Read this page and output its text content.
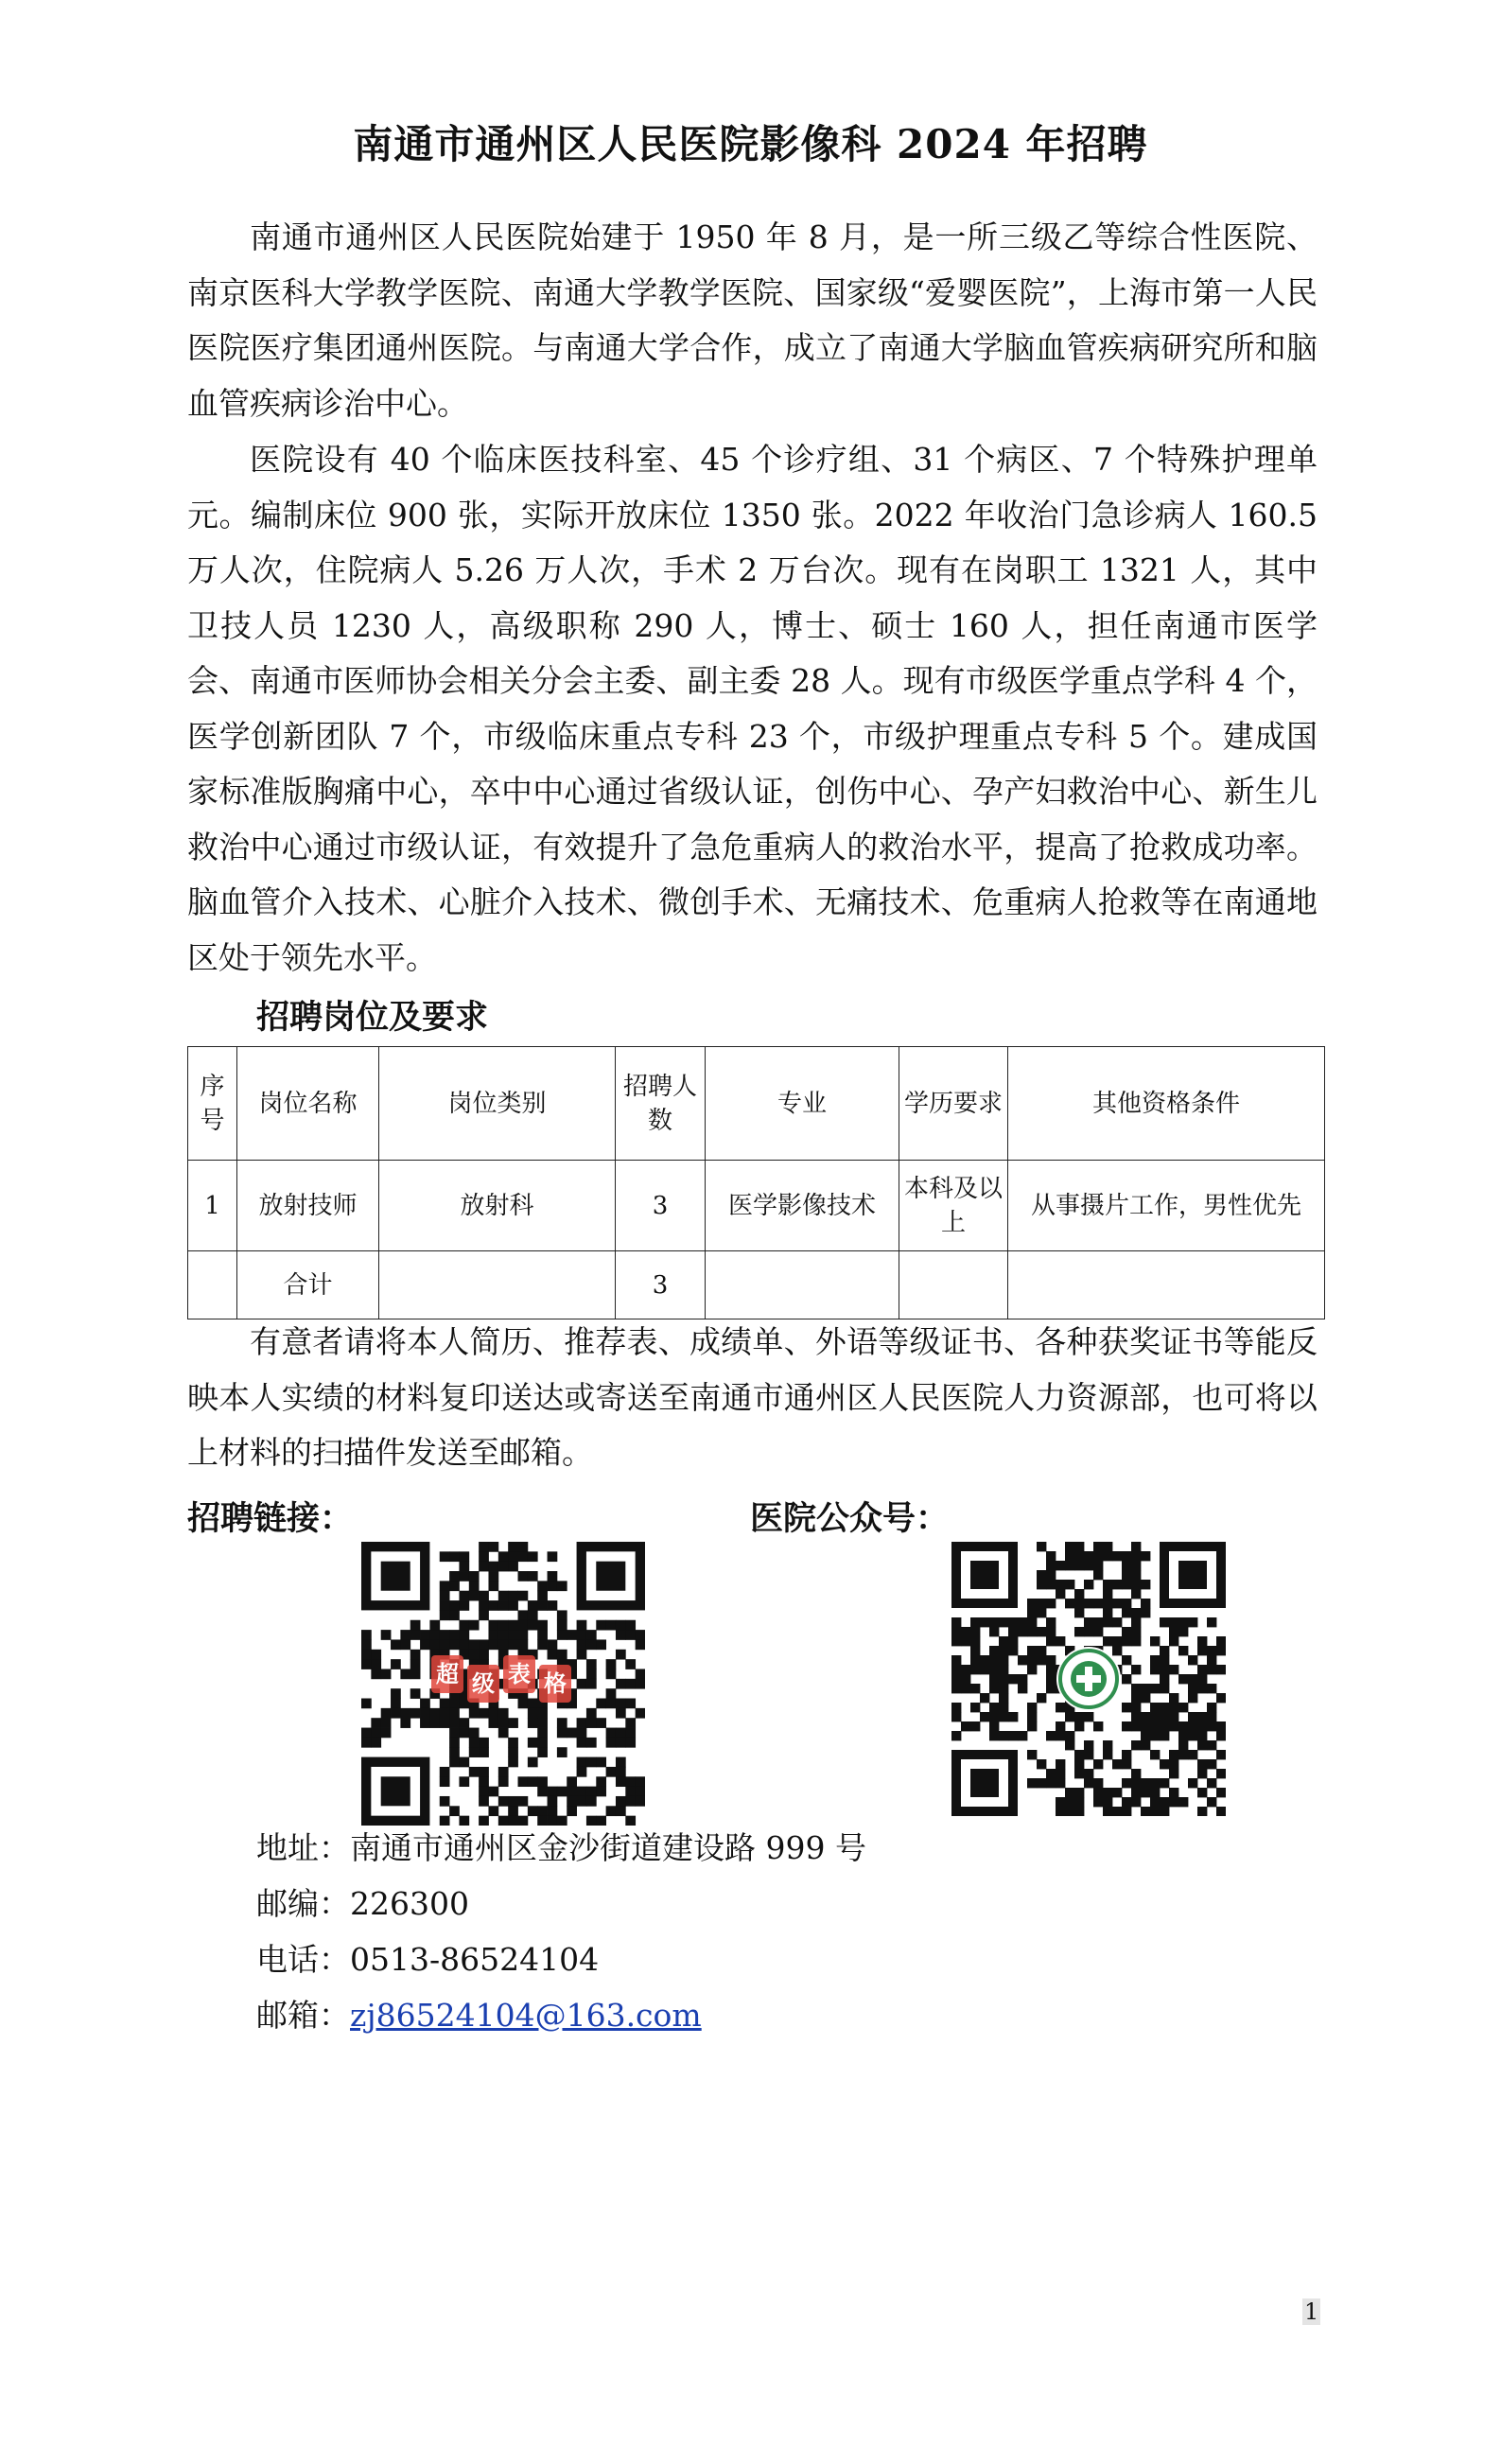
南通市通州区人民医院影像科 2024 年招聘

南通市通州区人民医院始建于 1950 年 8 月，是一所三级乙等综合性医院、南京医科大学教学医院、南通大学教学医院、国家级“爱婴医院”，上海市第一人民医院医疗集团通州医院。与南通大学合作，成立了南通大学脑血管疾病研究所和脑血管疾病诊治中心。

医院设有 40 个临床医技科室、45 个诊疗组、31 个病区、7 个特殊护理单元。编制床位 900 张，实际开放床位 1350 张。2022 年收治门急诊病人 160.5 万人次，住院病人 5.26 万人次，手术 2 万台次。现有在岗职工 1321 人，其中卫技人员 1230 人，高级职称 290 人，博士、硕士 160 人，担任南通市医学会、南通市医师协会相关分会主委、副主委 28 人。现有市级医学重点学科 4 个，医学创新团队 7 个，市级临床重点专科 23 个，市级护理重点专科 5 个。建成国家标准版胸痛中心，卒中中心通过省级认证，创伤中心、孕产妇救治中心、新生儿救治中心通过市级认证，有效提升了急危重病人的救治水平，提高了抢救成功率。脑血管介入技术、心脏介入技术、微创手术、无痛技术、危重病人抢救等在南通地区处于领先水平。

招聘岗位及要求
序号	岗位名称	岗位类别	招聘人数	专业	学历要求	其他资格条件
1	放射技师	放射科	3	医学影像技术	本科及以上	从事摄片工作，男性优先
	合计		3			

有意者请将本人简历、推荐表、成绩单、外语等级证书、各种获奖证书等能反映本人实绩的材料复印送达或寄送至南通市通州区人民医院人力资源部，也可将以上材料的扫描件发送至邮箱。

招聘链接：	医院公众号：
超 级 表 格
地址：南通市通州区金沙街道建设路 999 号
邮编：226300
电话：0513-86524104
邮箱：zj86524104@163.com
1
